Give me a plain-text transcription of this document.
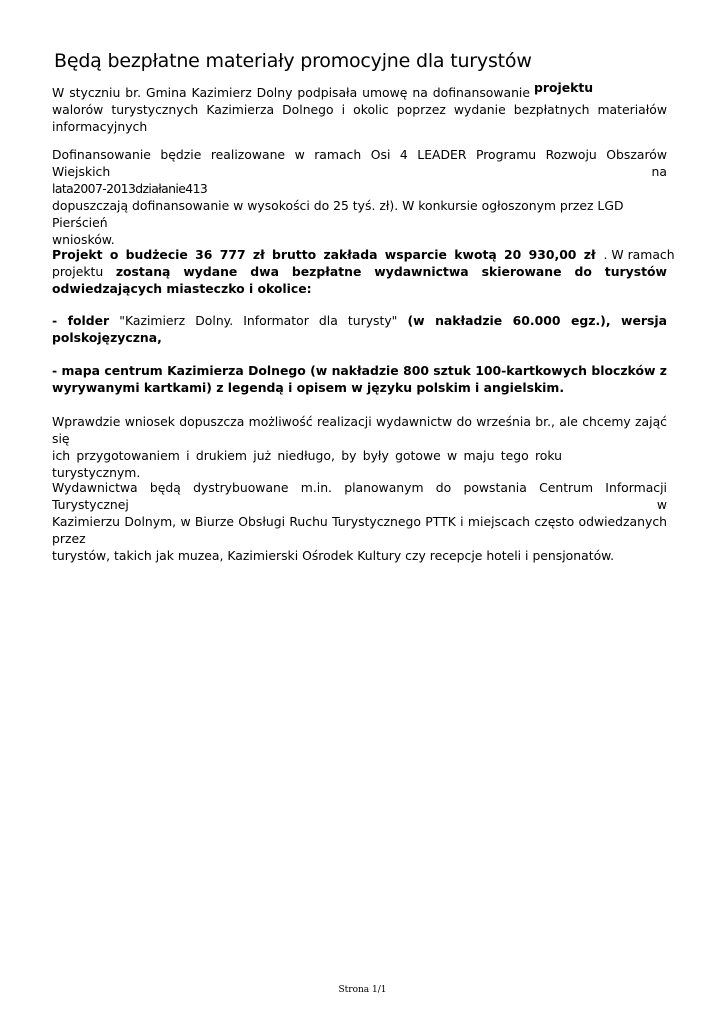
Będą bezpłatne materiały promocyjne dla turystów
W styczniu br. Gmina Kazimierz Dolny podpisała umowę na dofinansowanie
walorów turystycznych Kazimierza Dolnego i okolic poprzez wydanie bezpłatnych materiałów
informacyjnych
projektu
Dofinansowanie będzie realizowane w ramach Osi 4 LEADER Programu Rozwoju Obszarów Wiejskich na
lata2007-2013działanie413
dopuszczają dofinansowanie w wysokości do 25 tyś. zł). W konkursie ogłoszonym przez LGD
Pierścień
wniosków.
Projekt o budżecie 36 777 zł brutto zakłada wsparcie kwotą 20 930,00 zł . W ramach
projektu zostaną wydane dwa bezpłatne wydawnictwa skierowane do turystów
odwiedzających miasteczko i okolice:
- folder "Kazimierz Dolny. Informator dla turysty" (w nakładzie 60.000 egz.), wersja
polskojęzyczna,
- mapa centrum Kazimierza Dolnego (w nakładzie 800 sztuk 100-kartkowych bloczków z
wyrywanymi kartkami) z legendą i opisem w języku polskim i angielskim.
Wprawdzie wniosek dopuszcza możliwość realizacji wydawnictw do września br., ale chcemy zająć się
ich przygotowaniem i drukiem już niedługo, by były gotowe w maju tego roku
turystycznym.
Wydawnictwa będą dystrybuowane m.in. planowanym do powstania Centrum Informacji Turystycznej w
Kazimierzu Dolnym, w Biurze Obsługi Ruchu Turystycznego PTTK i miejscach często odwiedzanych przez
turystów, takich jak muzea, Kazimierski Ośrodek Kultury czy recepcje hoteli i pensjonatów.
Strona 1/1
